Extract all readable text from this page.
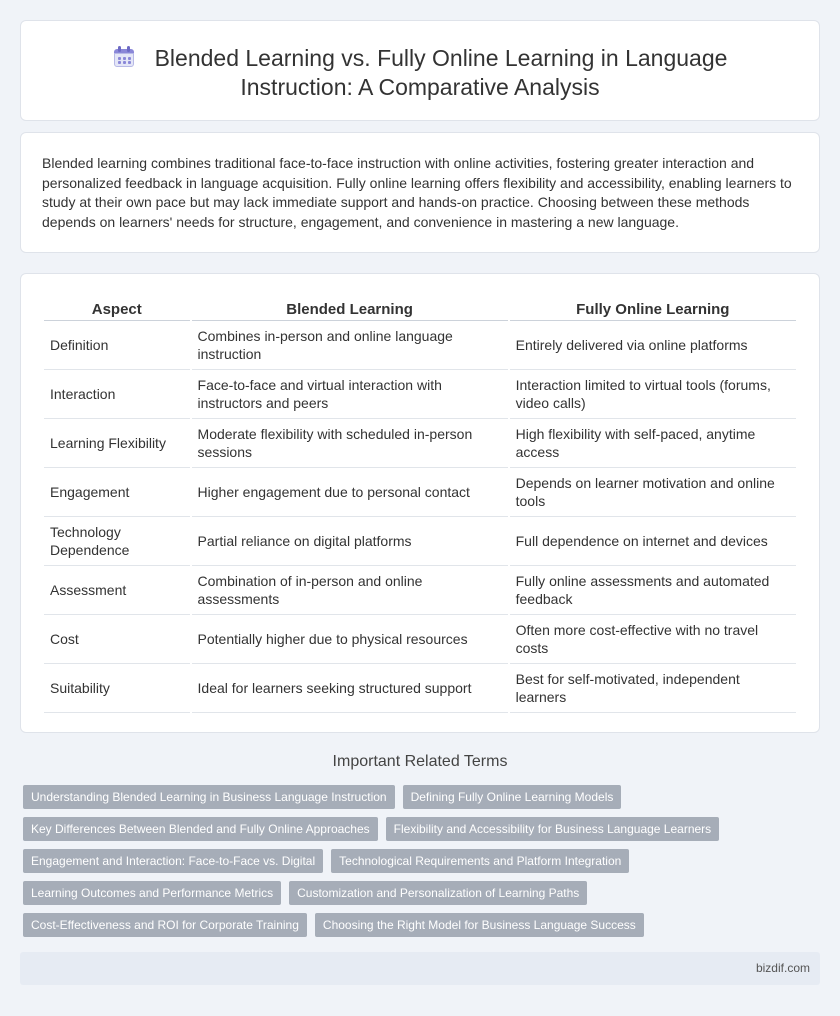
Blended Learning vs. Fully Online Learning in Language Instruction: A Comparative Analysis

Blended learning combines traditional face-to-face instruction with online activities, fostering greater interaction and personalized feedback in language acquisition. Fully online learning offers flexibility and accessibility, enabling learners to study at their own pace but may lack immediate support and hands-on practice. Choosing between these methods depends on learners' needs for structure, engagement, and convenience in mastering a new language.

Aspect	Blended Learning	Fully Online Learning
Definition	Combines in-person and online language instruction	Entirely delivered via online platforms
Interaction	Face-to-face and virtual interaction with instructors and peers	Interaction limited to virtual tools (forums, video calls)
Learning Flexibility	Moderate flexibility with scheduled in-person sessions	High flexibility with self-paced, anytime access
Engagement	Higher engagement due to personal contact	Depends on learner motivation and online tools
Technology Dependence	Partial reliance on digital platforms	Full dependence on internet and devices
Assessment	Combination of in-person and online assessments	Fully online assessments and automated feedback
Cost	Potentially higher due to physical resources	Often more cost-effective with no travel costs
Suitability	Ideal for learners seeking structured support	Best for self-motivated, independent learners
Important Related Terms
Understanding Blended Learning in Business Language Instruction	Defining Fully Online Learning Models
Key Differences Between Blended and Fully Online Approaches	Flexibility and Accessibility for Business Language Learners
Engagement and Interaction: Face-to-Face vs. Digital	Technological Requirements and Platform Integration
Learning Outcomes and Performance Metrics	Customization and Personalization of Learning Paths
Cost-Effectiveness and ROI for Corporate Training	Choosing the Right Model for Business Language Success
bizdif.com
